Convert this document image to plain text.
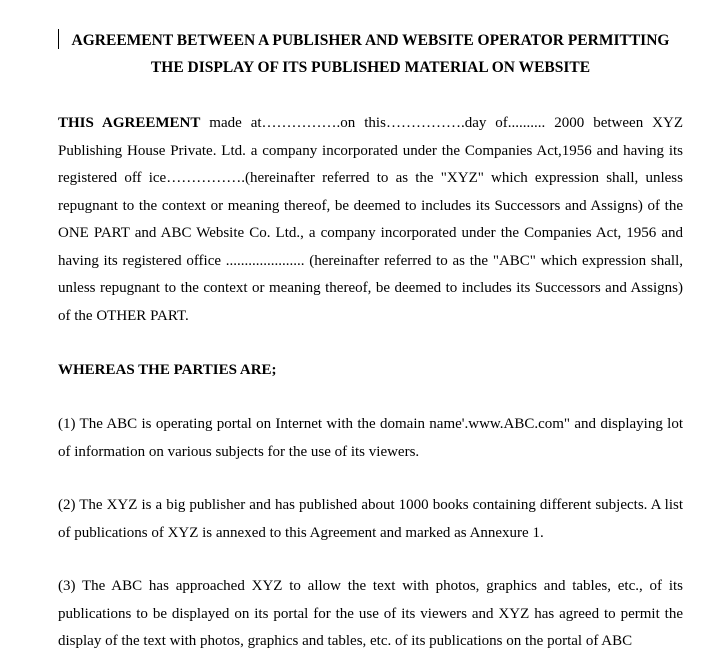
AGREEMENT BETWEEN A PUBLISHER AND WEBSITE OPERATOR PERMITTING

THE DISPLAY OF ITS PUBLISHED MATERIAL ON WEBSITE

THIS AGREEMENT made at…………….on this…………….day of.......... 2000 between XYZ Publishing House Private. Ltd. a company incorporated under the Companies Act,1956 and having its registered off ice…………….(hereinafter referred to as the "XYZ" which expression shall, unless repugnant to the context or meaning thereof, be deemed to includes its Successors and Assigns) of the ONE PART and ABC Website Co. Ltd., a company incorporated under the Companies Act, 1956 and having its registered office ..................... (hereinafter referred to as the "ABC" which expression shall, unless repugnant to the context or meaning thereof, be deemed to includes its Successors and Assigns) of the OTHER PART.

WHEREAS THE PARTIES ARE;

(1) The ABC is operating portal on Internet with the domain name'.www.ABC.com" and displaying lot of information on various subjects for the use of its viewers.

(2) The XYZ is a big publisher and has published about 1000 books containing different subjects. A list of publications of XYZ is annexed to this Agreement and marked as Annexure 1.

(3) The ABC has approached XYZ to allow the text with photos, graphics and tables, etc., of its publications to be displayed on its portal for the use of its viewers and XYZ has agreed to permit the display of the text with photos, graphics and tables, etc. of its publications on the portal of ABC
